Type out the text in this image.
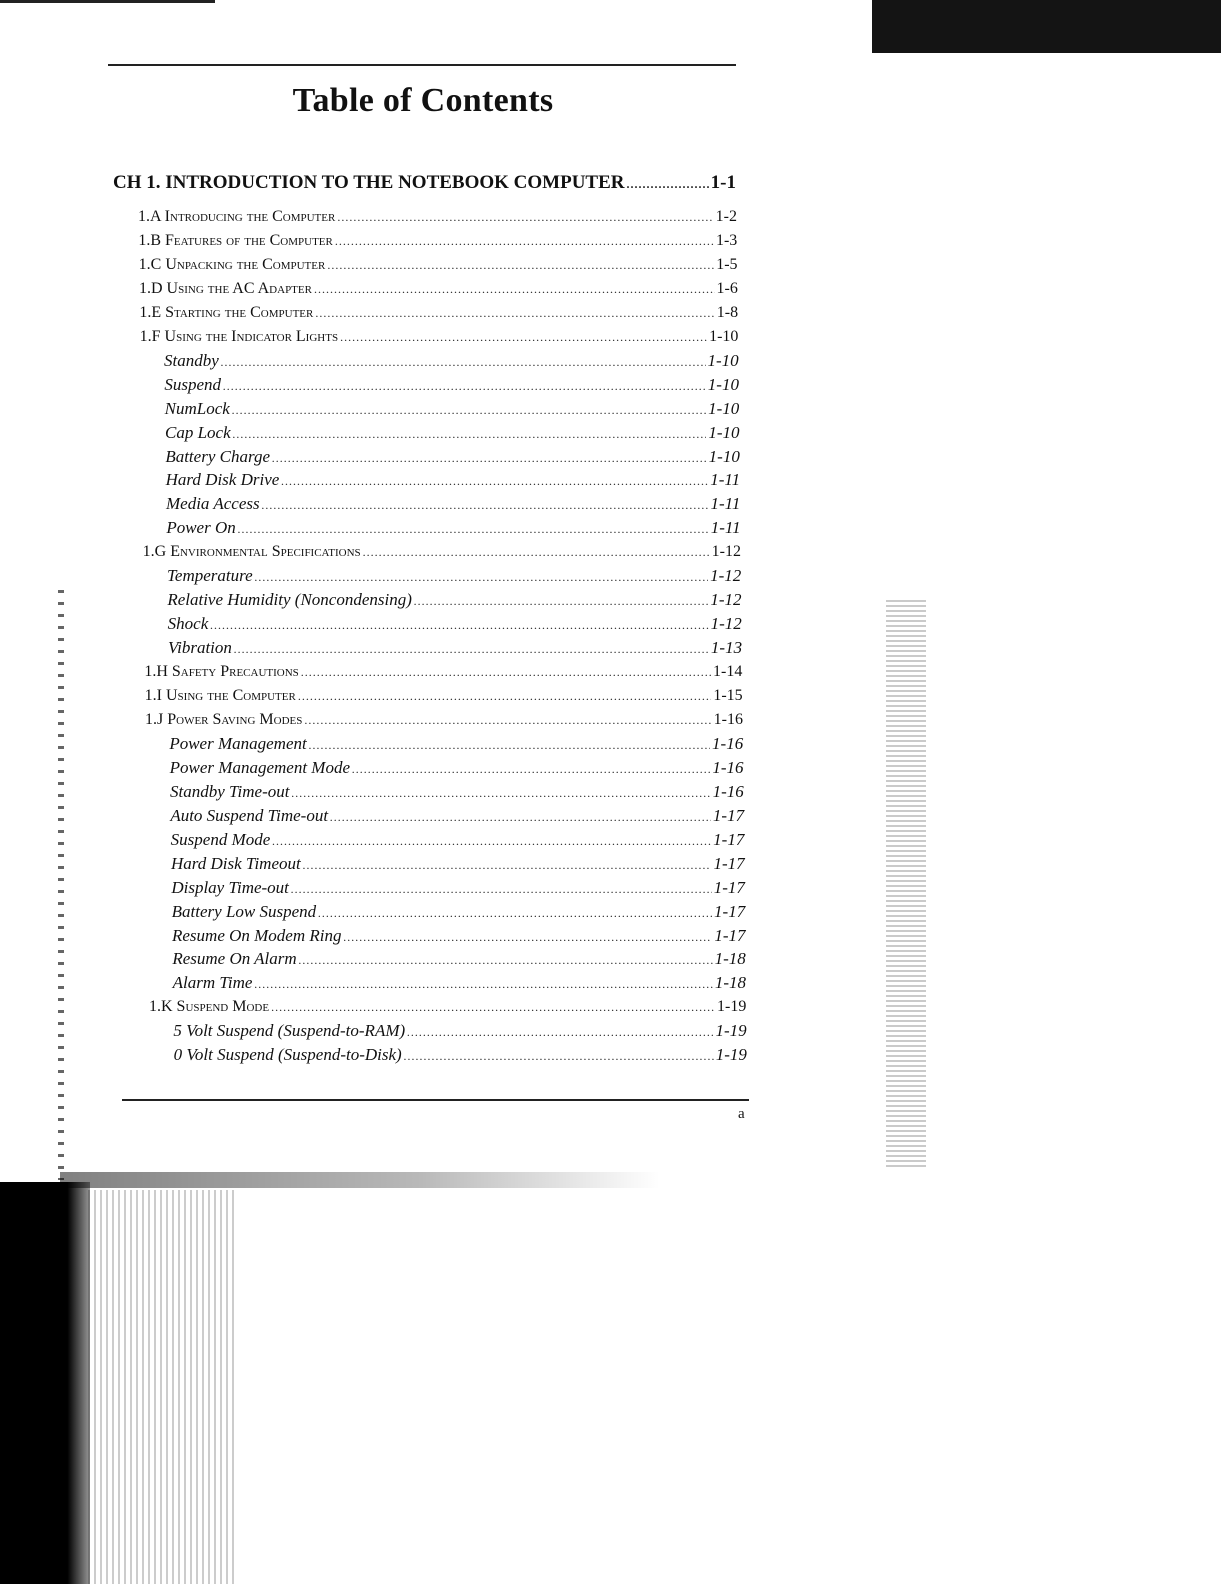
Table of Contents
CH 1. INTRODUCTION TO THE NOTEBOOK COMPUTER .....	1-1
1.A Introducing the Computer .....	1-2
1.B Features of the Computer .....	1-3
1.C Unpacking the Computer .....	1-5
1.D Using the AC Adapter .....	1-6
1.E Starting the Computer .....	1-8
1.F Using the Indicator Lights .....	1-10
Standby .....	1-10
Suspend .....	1-10
NumLock .....	1-10
Cap Lock .....	1-10
Battery Charge .....	1-10
Hard Disk Drive .....	1-11
Media Access .....	1-11
Power On .....	1-11
1.G Environmental Specifications .....	1-12
Temperature .....	1-12
Relative Humidity (Noncondensing) .....	1-12
Shock .....	1-12
Vibration .....	1-13
1.H Safety Precautions .....	1-14
1.I Using the Computer .....	1-15
1.J Power Saving Modes .....	1-16
Power Management .....	1-16
Power Management Mode .....	1-16
Standby Time-out .....	1-16
Auto Suspend Time-out .....	1-17
Suspend Mode .....	1-17
Hard Disk Timeout .....	1-17
Display Time-out .....	1-17
Battery Low Suspend .....	1-17
Resume On Modem Ring .....	1-17
Resume On Alarm .....	1-18
Alarm Time .....	1-18
1.K Suspend Mode .....	1-19
5 Volt Suspend (Suspend-to-RAM) .....	1-19
0 Volt Suspend (Suspend-to-Disk) .....	1-19
a
